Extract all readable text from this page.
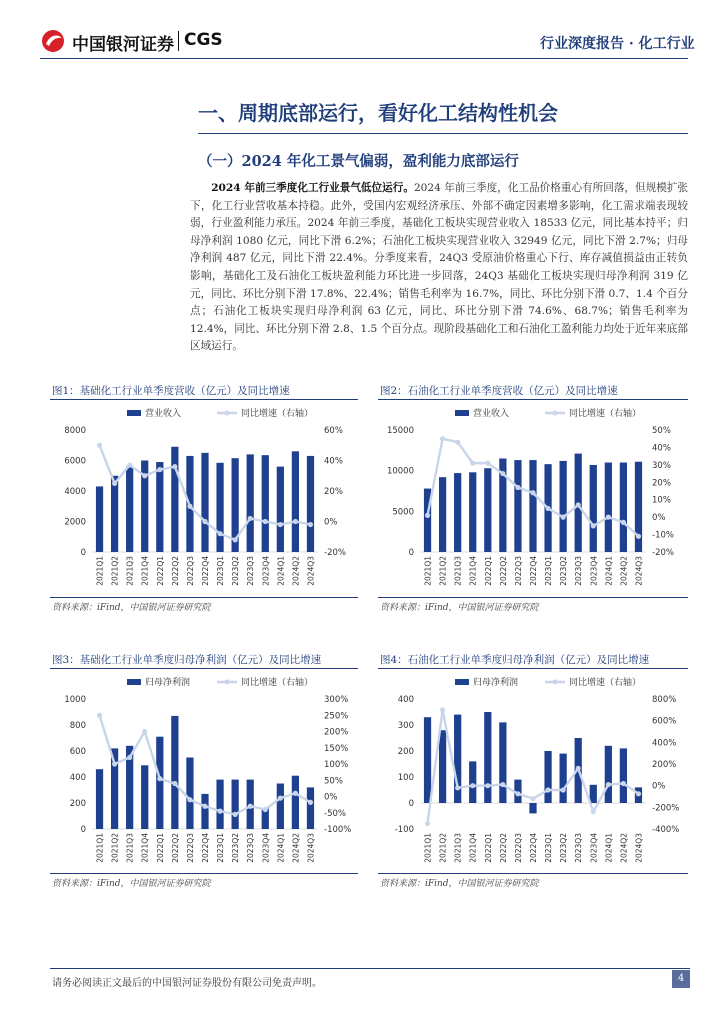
中国银河证券 CGS	行业深度报告 · 化工行业
一、周期底部运行，看好化工结构性机会
（一）2024 年化工景气偏弱，盈利能力底部运行
2024 年前三季度化工行业景气低位运行。2024 年前三季度，化工品价格重心有所回落，但规模扩张下，化工行业营收基本持稳。此外，受国内宏观经济承压、外部不确定因素增多影响，化工需求端表现较弱，行业盈利能力承压。2024 年前三季度，基础化工板块实现营业收入 18533 亿元，同比基本持平；归母净利润 1080 亿元，同比下滑 6.2%；石油化工板块实现营业收入 32949 亿元，同比下滑 2.7%；归母净利润 487 亿元，同比下滑 22.4%。分季度来看，24Q3 受原油价格重心下行、库存减值损益由正转负影响，基础化工及石油化工板块盈利能力环比进一步回落，24Q3 基础化工板块实现归母净利润 319 亿元，同比、环比分别下滑 17.8%、22.4%；销售毛利率为 16.7%，同比、环比分别下滑 0.7、1.4 个百分点；石油化工板块实现归母净利润 63 亿元，同比、环比分别下滑 74.6%、68.7%；销售毛利率为 12.4%，同比、环比分别下滑 2.8、1.5 个百分点。现阶段基础化工和石油化工盈利能力均处于近年来底部区域运行。
图1：基础化工行业单季度营收（亿元）及同比增速	图2：石油化工行业单季度营收（亿元）及同比增速
营业收入	同比增速（右轴）
0
2000
4000
6000
8000
-20%
0%
20%
40%
60%
2021Q1 2021Q2 2021Q3 2021Q4 2022Q1 2022Q2 2022Q3 2022Q4 2023Q1 2023Q2 2023Q3 2023Q4 2024Q1 2024Q2 2024Q3
营业收入	同比增速（右轴）
0
5000
10000
15000
-20%
-10%
0%
10%
20%
30%
40%
50%
2021Q1 2021Q2 2021Q3 2021Q4 2022Q1 2022Q2 2022Q3 2022Q4 2023Q1 2023Q2 2023Q3 2023Q4 2024Q1 2024Q2 2024Q3
资料来源：iFind，中国银河证券研究院	资料来源：iFind，中国银河证券研究院
图3：基础化工行业单季度归母净利润（亿元）及同比增速	图4：石油化工行业单季度归母净利润（亿元）及同比增速
归母净利润	同比增速（右轴）
0
200
400
600
800
1000
-100%
-50%
0%
50%
100%
150%
200%
250%
300%
2021Q1 2021Q2 2021Q3 2021Q4 2022Q1 2022Q2 2022Q3 2022Q4 2023Q1 2023Q2 2023Q3 2023Q4 2024Q1 2024Q2 2024Q3
归母净利润	同比增速（右轴）
-100
0
100
200
300
400
-400%
-200%
0%
200%
400%
600%
800%
2021Q1 2021Q2 2021Q3 2021Q4 2022Q1 2022Q2 2022Q3 2022Q4 2023Q1 2023Q2 2023Q3 2023Q4 2024Q1 2024Q2 2024Q3
资料来源：iFind，中国银河证券研究院	资料来源：iFind，中国银河证券研究院
请务必阅读正文最后的中国银河证券股份有限公司免责声明。	4
